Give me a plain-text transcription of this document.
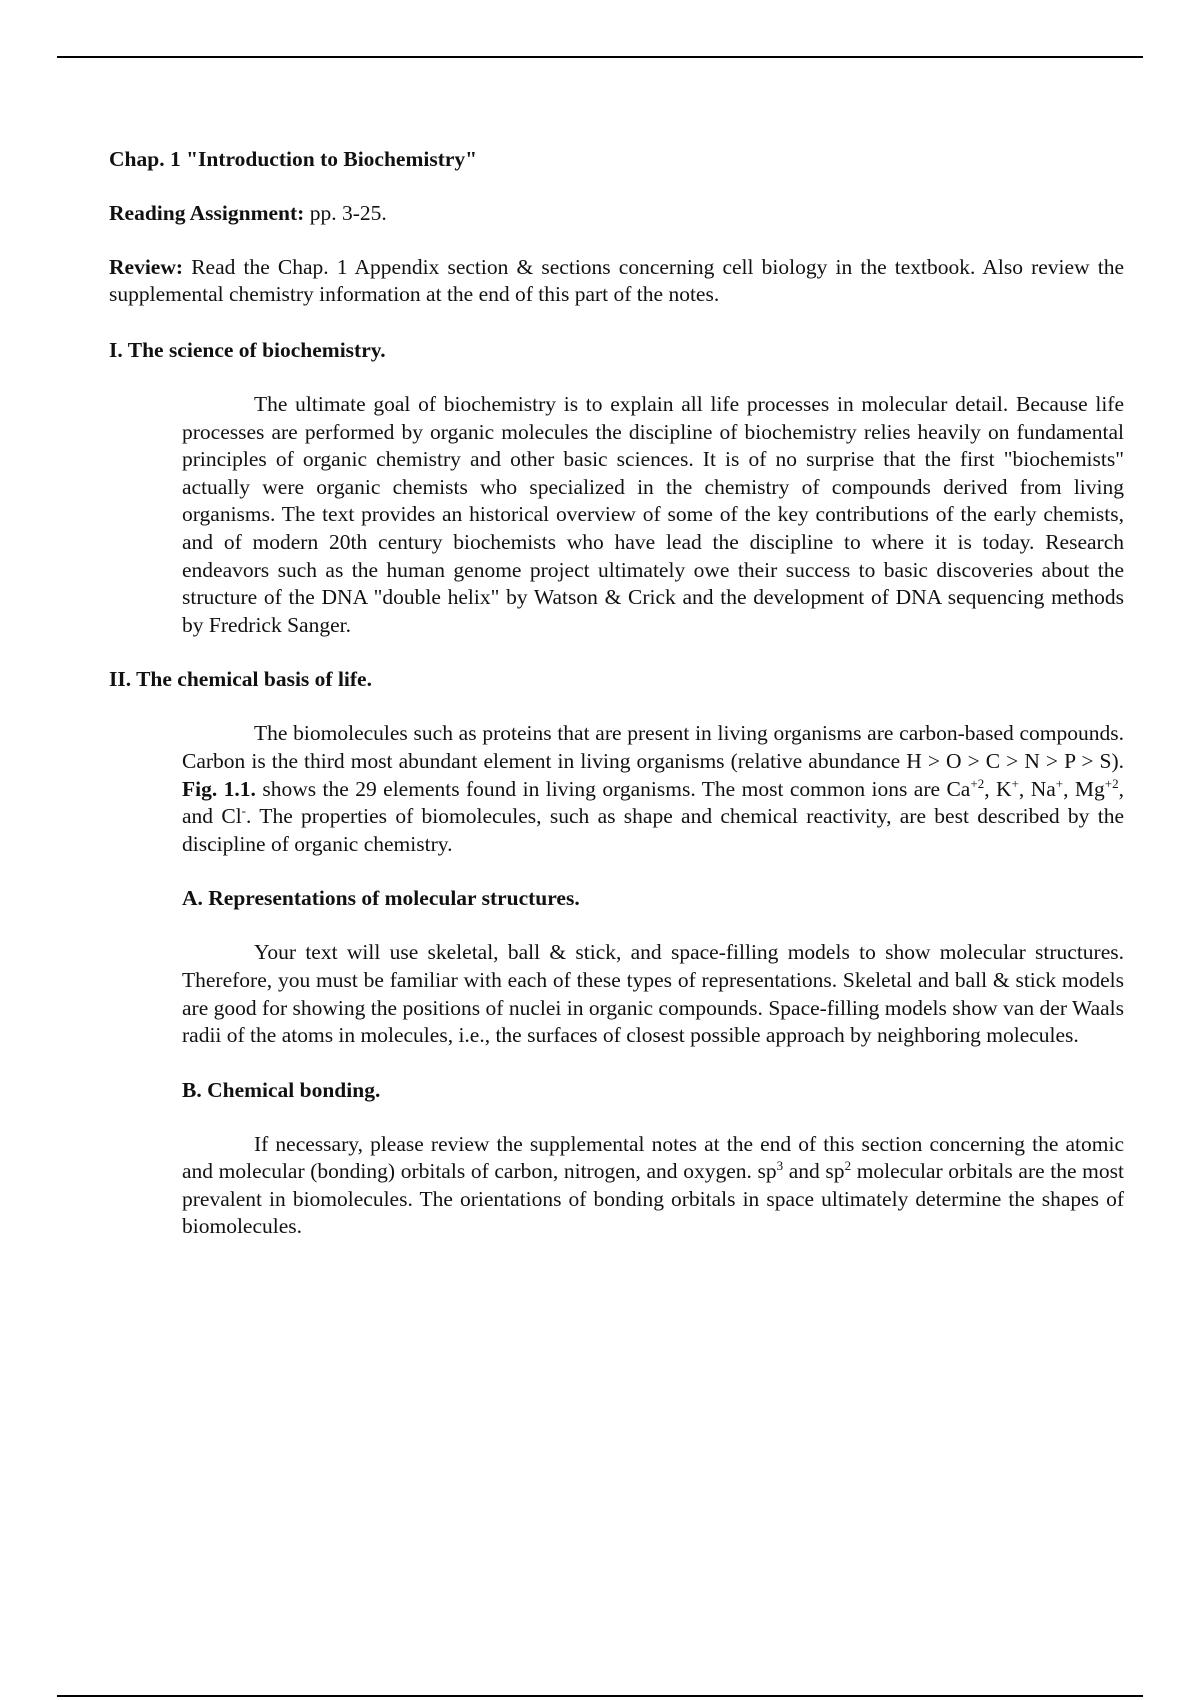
Chap. 1 "Introduction to Biochemistry"

Reading Assignment: pp. 3-25.

Review: Read the Chap. 1 Appendix section & sections concerning cell biology in the textbook. Also review the supplemental chemistry information at the end of this part of the notes.

I. The science of biochemistry.

The ultimate goal of biochemistry is to explain all life processes in molecular detail. Because life processes are performed by organic molecules the discipline of biochemistry relies heavily on fundamental principles of organic chemistry and other basic sciences. It is of no surprise that the first "biochemists" actually were organic chemists who specialized in the chemistry of compounds derived from living organisms. The text provides an historical overview of some of the key contributions of the early chemists, and of modern 20th century biochemists who have lead the discipline to where it is today. Research endeavors such as the human genome project ultimately owe their success to basic discoveries about the structure of the DNA "double helix" by Watson & Crick and the development of DNA sequencing methods by Fredrick Sanger.

II. The chemical basis of life.

The biomolecules such as proteins that are present in living organisms are carbon-based compounds. Carbon is the third most abundant element in living organisms (relative abundance H > O > C > N > P > S). Fig. 1.1. shows the 29 elements found in living organisms. The most common ions are $Ca^{+2}$, K+, Na+, $Mg^{+2}$, and Cl-. The properties of biomolecules, such as shape and chemical reactivity, are best described by the discipline of organic chemistry.

A. Representations of molecular structures.

Your text will use skeletal, ball & stick, and space-filling models to show molecular structures. Therefore, you must be familiar with each of these types of representations. Skeletal and ball & stick models are good for showing the positions of nuclei in organic compounds. Space-filling models show van der Waals radii of the atoms in molecules, i.e., the surfaces of closest possible approach by neighboring molecules.

B. Chemical bonding.

If necessary, please review the supplemental notes at the end of this section concerning the atomic and molecular (bonding) orbitals of carbon, nitrogen, and oxygen. $sp^3$ and $sp^2$ molecular orbitals are the most prevalent in biomolecules. The orientations of bonding orbitals in space ultimately determine the shapes of biomolecules.
